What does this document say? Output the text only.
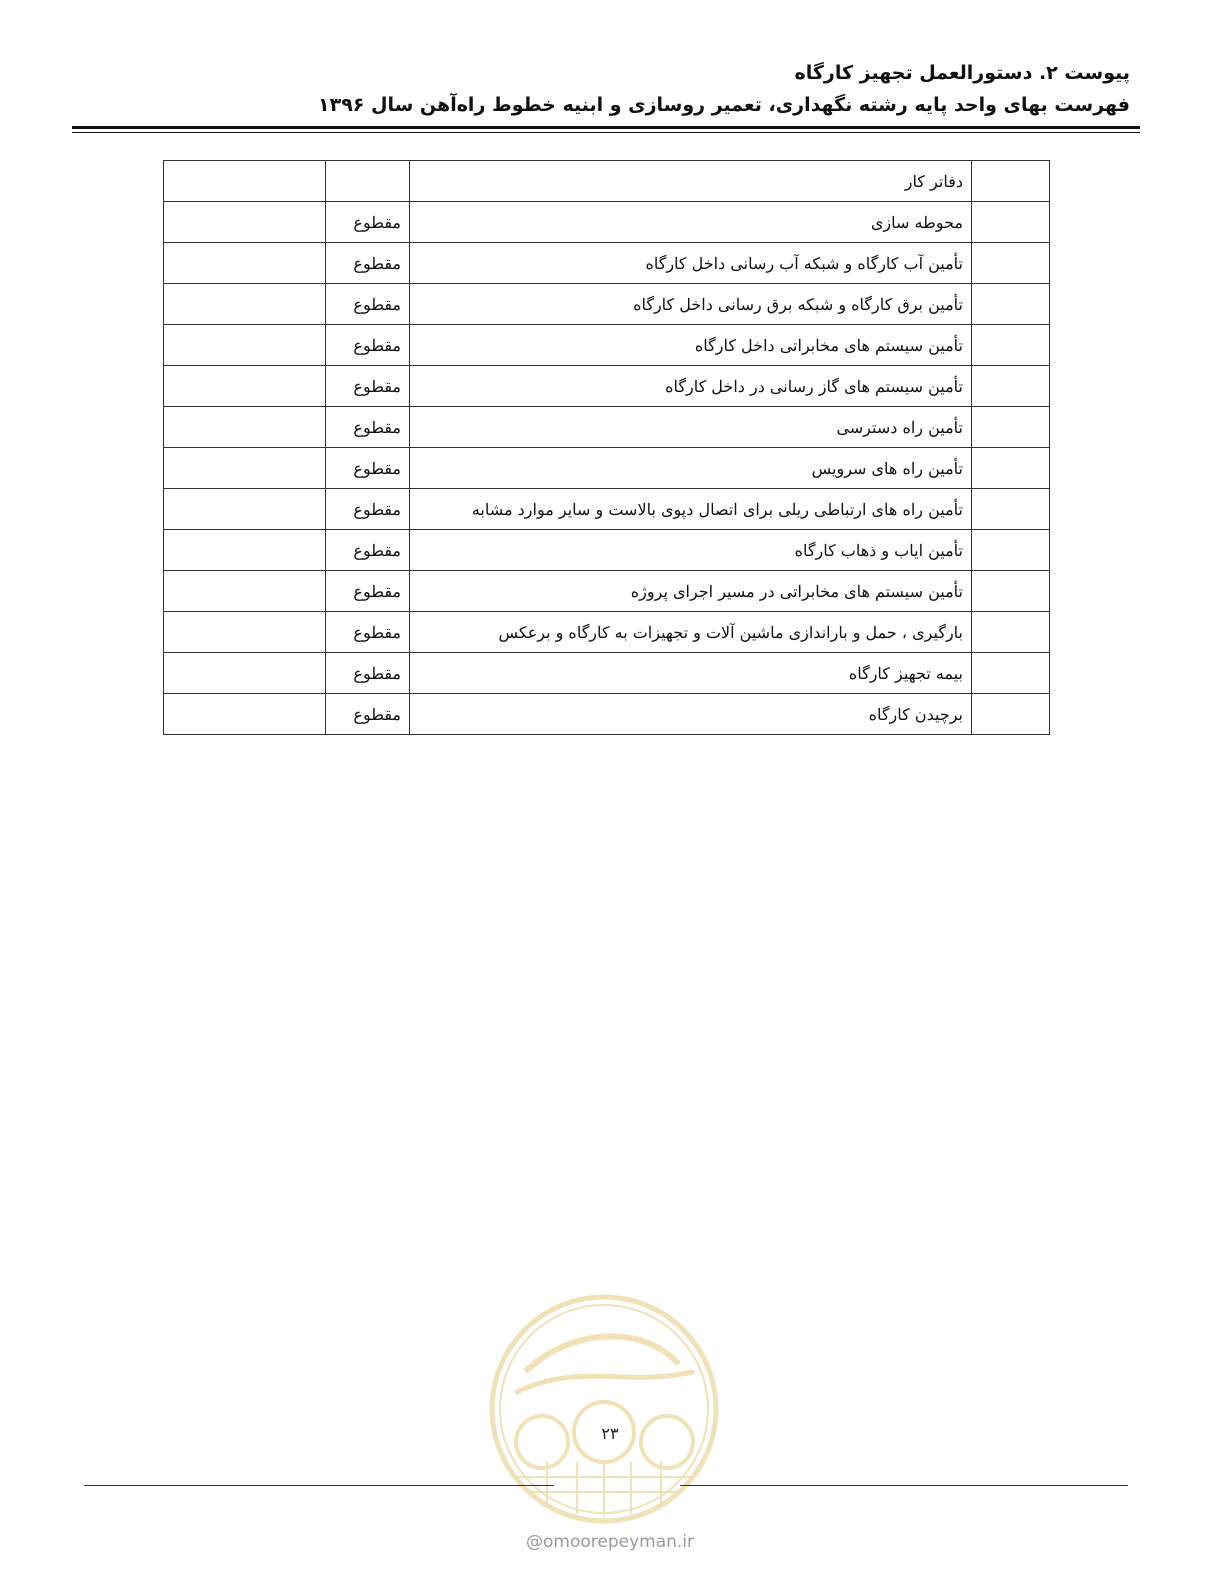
پیوست ۲. دستورالعمل تجهیز کارگاه
فهرست بهای واحد پایه رشته نگهداری، تعمیر روسازی و ابنیه خطوط راه‌آهن سال ۱۳۹۶
	دفاتر کار		
	محوطه سازی	مقطوع	
	تأمین آب کارگاه و شبکه آب رسانی داخل کارگاه	مقطوع	
	تأمین برق کارگاه و شبکه برق رسانی داخل کارگاه	مقطوع	
	تأمین سیستم های مخابراتی داخل کارگاه	مقطوع	
	تأمین سیستم های گاز رسانی در داخل کارگاه	مقطوع	
	تأمین راه دسترسی	مقطوع	
	تأمین راه های سرویس	مقطوع	
	تأمین راه های ارتباطی ریلی برای اتصال دپوی بالاست و سایر موارد مشابه	مقطوع	
	تأمین ایاب و ذهاب کارگاه	مقطوع	
	تأمین سیستم های مخابراتی در مسیر اجرای پروژه	مقطوع	
	بارگیری ، حمل و باراندازی ماشین آلات و تجهیزات به کارگاه و برعکس	مقطوع	
	بیمه تجهیز کارگاه	مقطوع	
	برچیدن کارگاه	مقطوع	
۲۳
@omoorepeyman.ir
